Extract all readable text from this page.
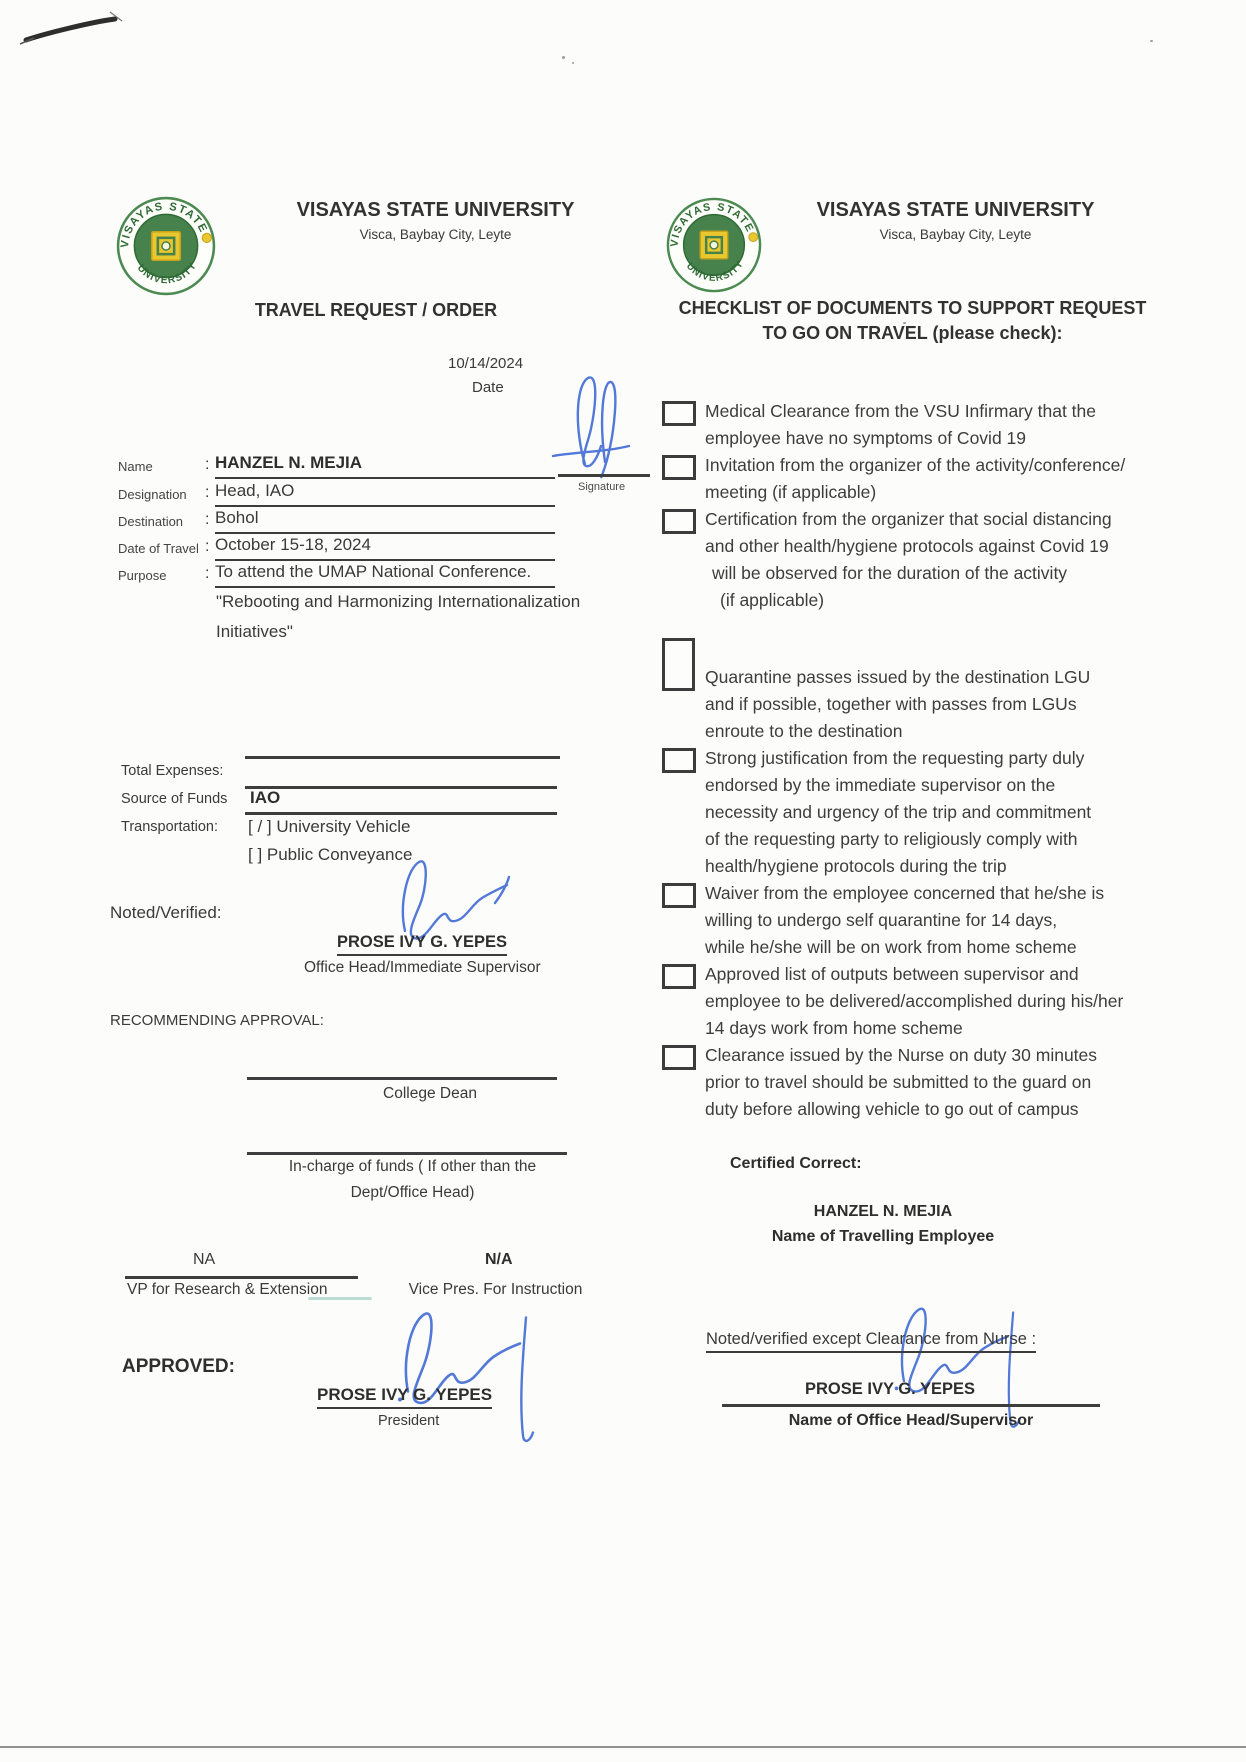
VISAYAS STATE UNIVERSITY
Visca, Baybay City, Leyte
TRAVEL REQUEST / ORDER
10/14/2024
Date
Signature
Name	: HANZEL N. MEJIA
Designation : Head, IAO
Destination : Bohol
Date of Travel : October 15-18, 2024
Purpose : To attend the UMAP National Conference.
"Rebooting and Harmonizing Internationalization
Initiatives"
Total Expenses:
Source of Funds IAO
Transportation: [ / ] University Vehicle
[ ] Public Conveyance
Noted/Verified:
PROSE IVY G. YEPES
Office Head/Immediate Supervisor
RECOMMENDING APPROVAL:
College Dean
In-charge of funds ( If other than the
Dept/Office Head)
NA
VP for Research & Extension
N/A
Vice Pres. For Instruction
APPROVED:
PROSE IVY G. YEPES
President
VISAYAS STATE UNIVERSITY
Visca, Baybay City, Leyte
CHECKLIST OF DOCUMENTS TO SUPPORT REQUEST
TO GO ON TRAVEL (please check):
Medical Clearance from the VSU Infirmary that the
employee have no symptoms of Covid 19
Invitation from the organizer of the activity/conference/
meeting (if applicable)
Certification from the organizer that social distancing
and other health/hygiene protocols against Covid 19
will be observed for the duration of the activity
(if applicable)
Quarantine passes issued by the destination LGU
and if possible, together with passes from LGUs
enroute to the destination
Strong justification from the requesting party duly
endorsed by the immediate supervisor on the
necessity and urgency of the trip and commitment
of the requesting party to religiously comply with
health/hygiene protocols during the trip
Waiver from the employee concerned that he/she is
willing to undergo self quarantine for 14 days,
while he/she will be on work from home scheme
Approved list of outputs between supervisor and
employee to be delivered/accomplished during his/her
14 days work from home scheme
Clearance issued by the Nurse on duty 30 minutes
prior to travel should be submitted to the guard on
duty before allowing vehicle to go out of campus
Certified Correct:
HANZEL N. MEJIA
Name of Travelling Employee
Noted/verified except Clearance from Nurse :
PROSE IVY G. YEPES
Name of Office Head/Supervisor
